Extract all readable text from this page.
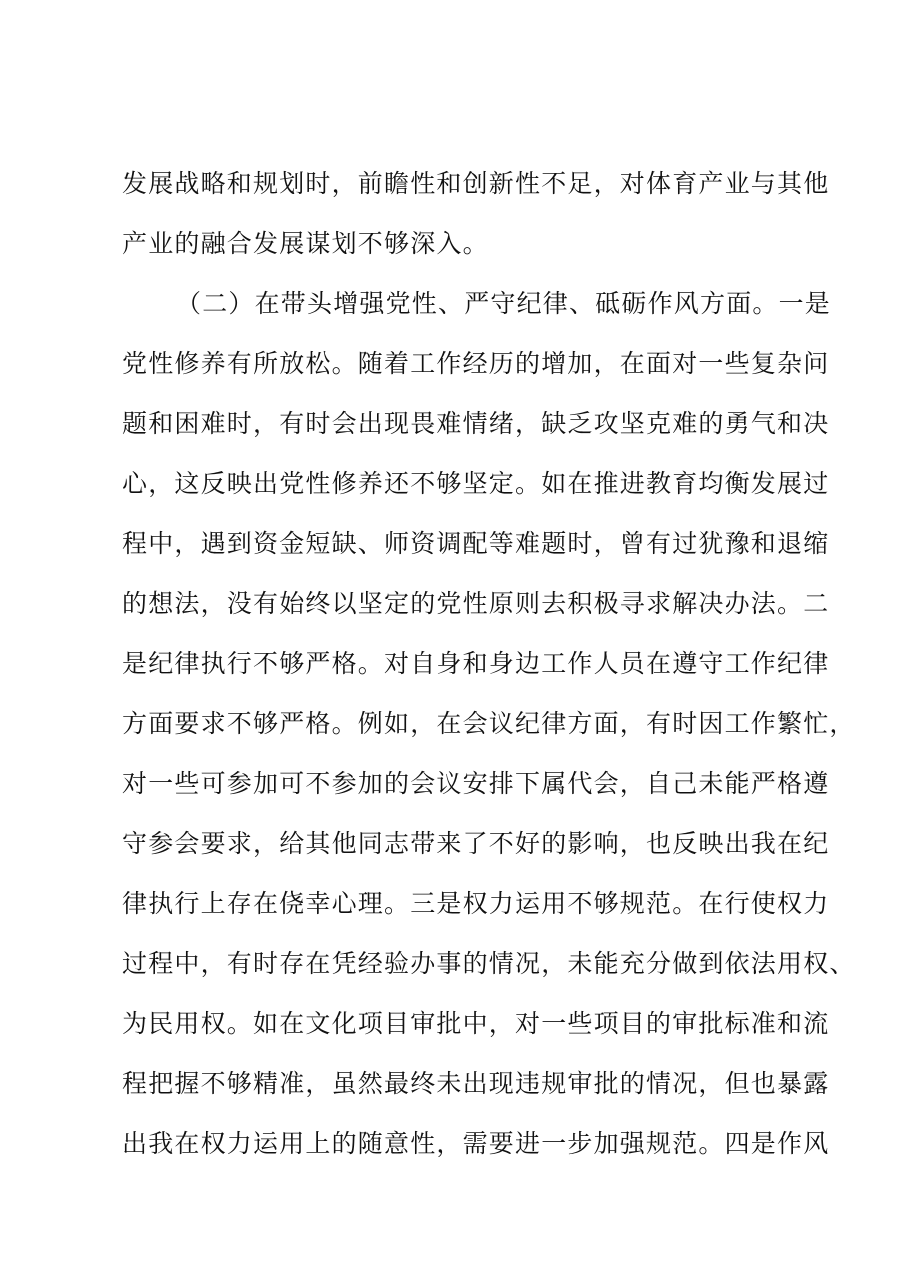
发展战略和规划时，前瞻性和创新性不足，对体育产业与其他
产业的融合发展谋划不够深入。
（二）在带头增强党性、严守纪律、砥砺作风方面。一是
党性修养有所放松。随着工作经历的增加，在面对一些复杂问
题和困难时，有时会出现畏难情绪，缺乏攻坚克难的勇气和决
心，这反映出党性修养还不够坚定。如在推进教育均衡发展过
程中，遇到资金短缺、师资调配等难题时，曾有过犹豫和退缩
的想法，没有始终以坚定的党性原则去积极寻求解决办法。二
是纪律执行不够严格。对自身和身边工作人员在遵守工作纪律
方面要求不够严格。例如，在会议纪律方面，有时因工作繁忙，
对一些可参加可不参加的会议安排下属代会，自己未能严格遵
守参会要求，给其他同志带来了不好的影响，也反映出我在纪
律执行上存在侥幸心理。三是权力运用不够规范。在行使权力
过程中，有时存在凭经验办事的情况，未能充分做到依法用权、
为民用权。如在文化项目审批中，对一些项目的审批标准和流
程把握不够精准，虽然最终未出现违规审批的情况，但也暴露
出我在权力运用上的随意性，需要进一步加强规范。四是作风
